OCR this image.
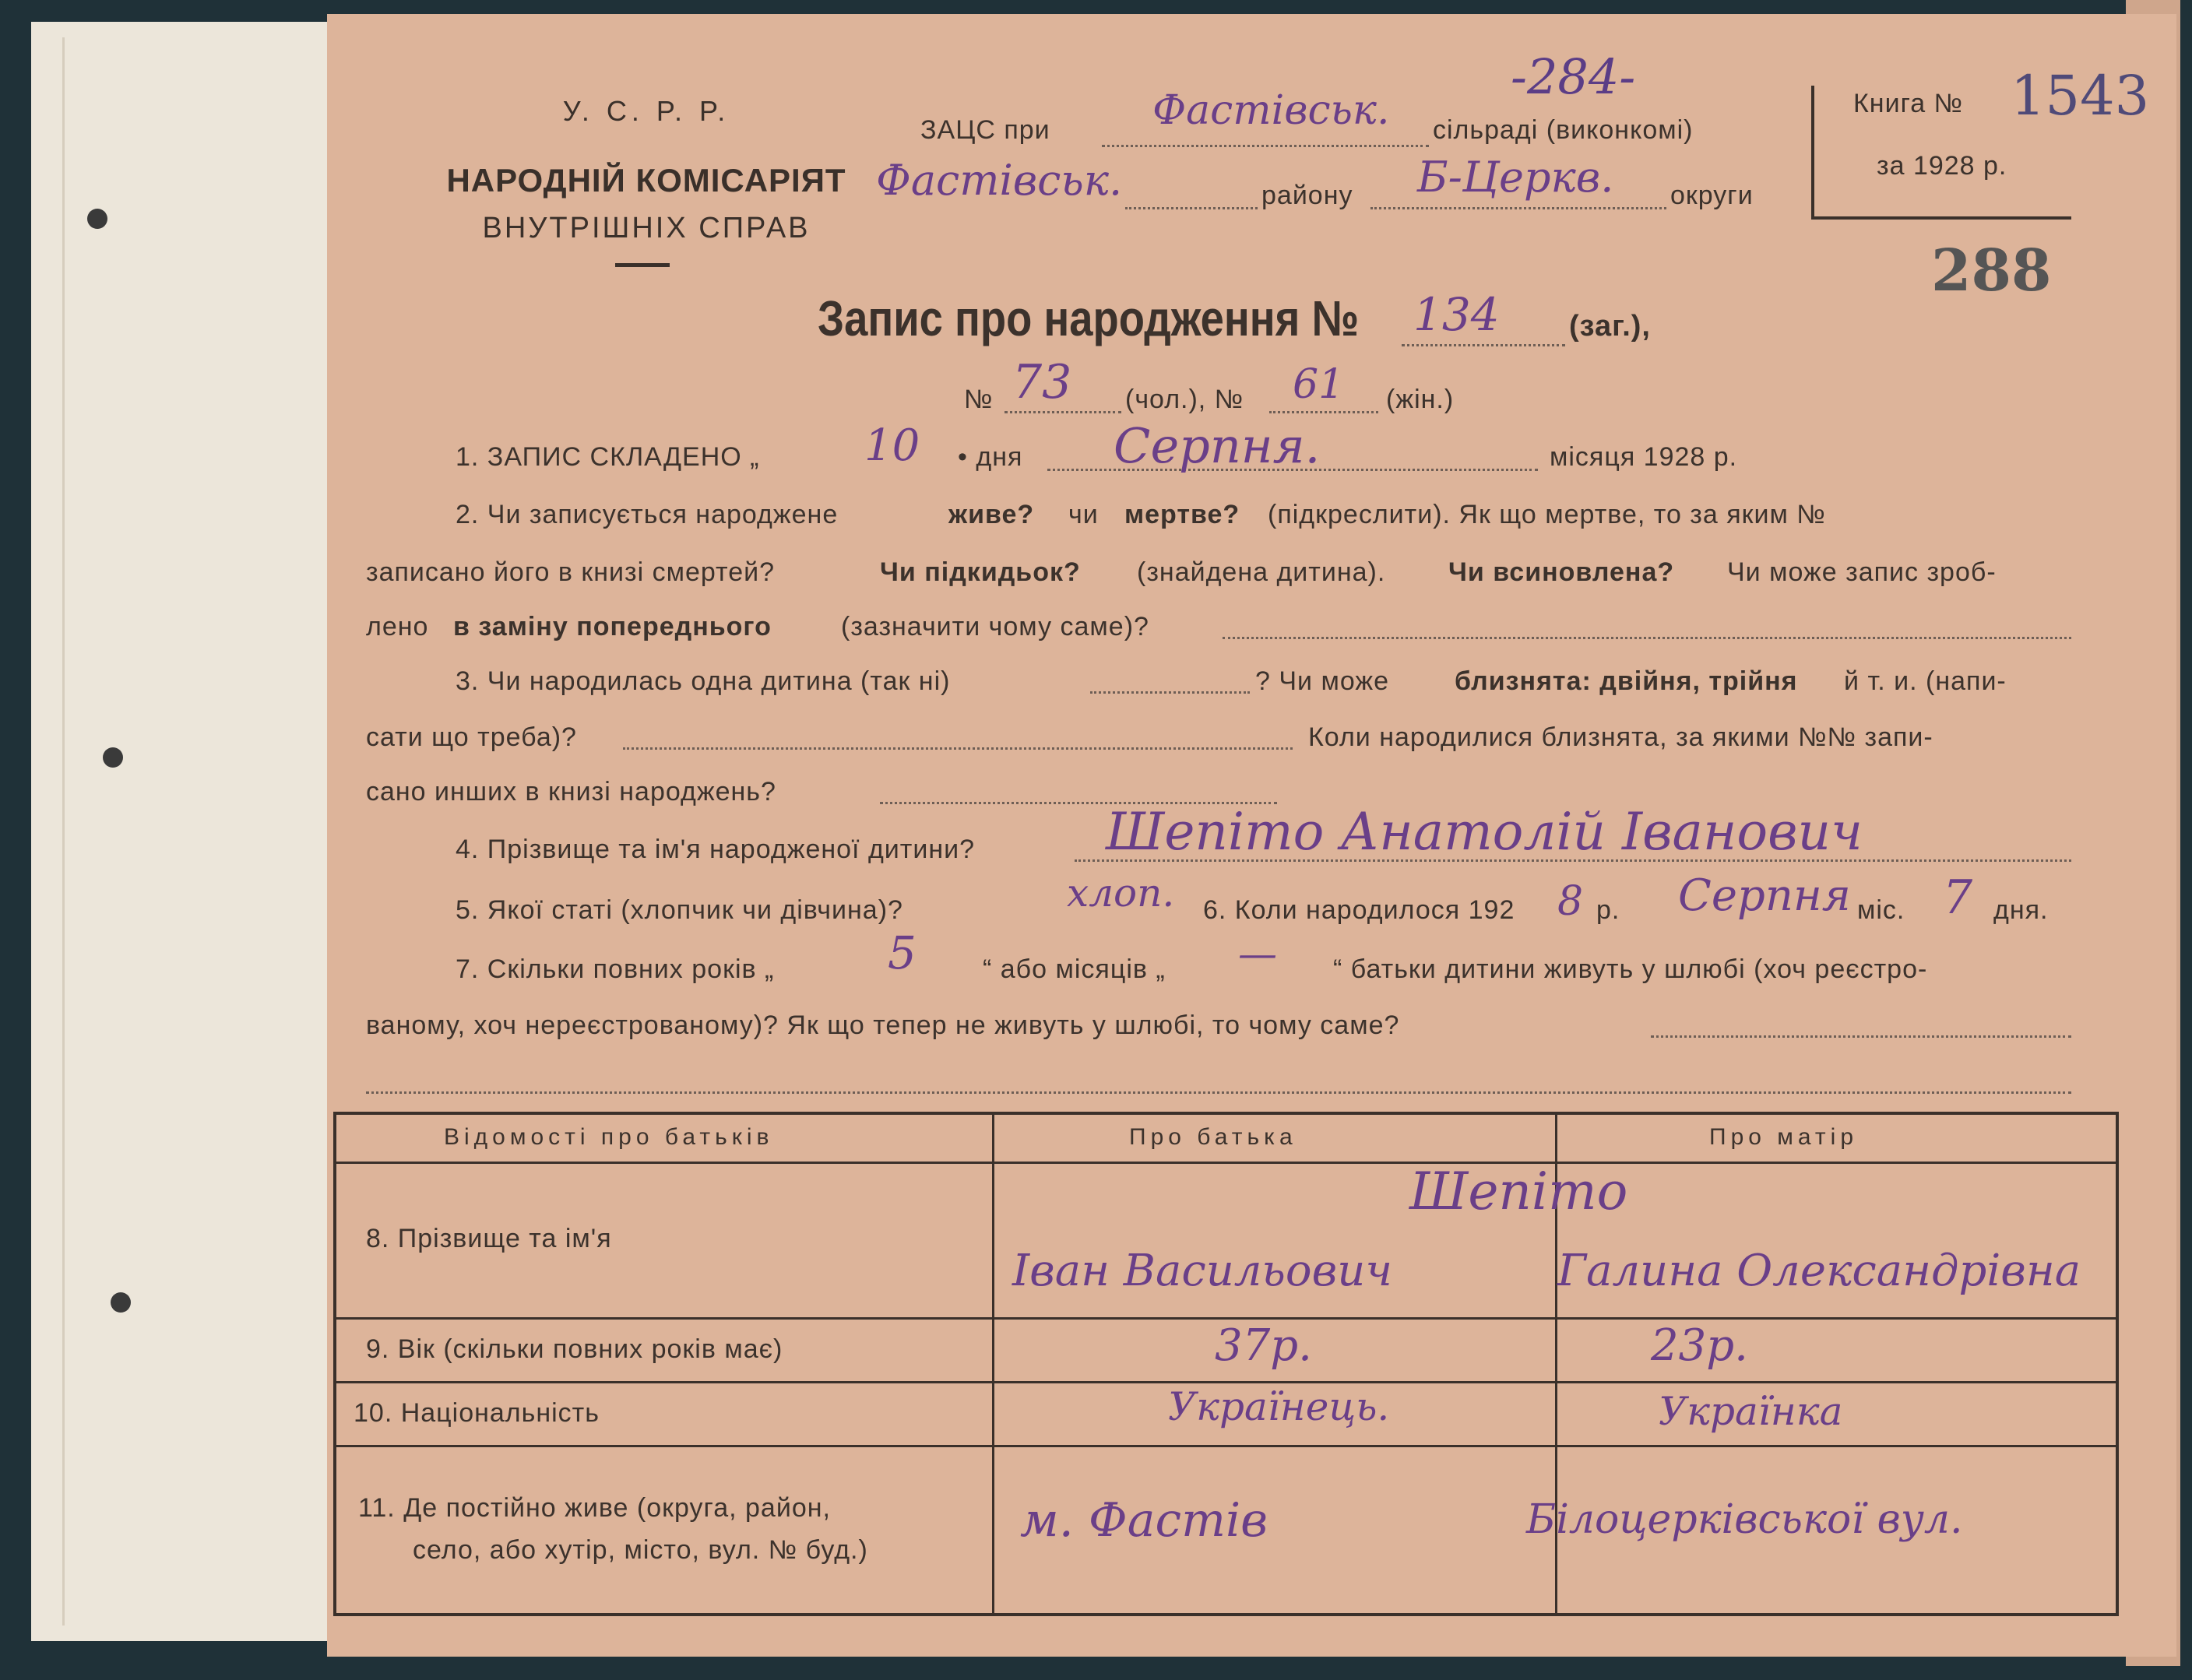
У. С. Р. Р.
НАРОДНІЙ КОМІСАРІЯТ
ВНУТРІШНІХ СПРАВ
ЗАЦС при	Фастівськ. сільраді (виконкомі)
-284-
Фастівськ.	району Б-Церкв. округи
Книга № 1543
за 1928 р.
288
Запис про народження № 134 (заг.),
№ 73 (чол.), № 61 (жін.)
1. ЗАПИС СКЛАДЕНО „ 10 • дня Серпня.	місяця 1928 р.
2. Чи записується народжене	живе? чи мертве? (підкреслити). Як що мертве, то за яким №
записано його в книзі смертей?	Чи підкидьок? (знайдена дитина). Чи всиновлена? Чи може запис зроб-
лено в заміну попереднього	(зазначити чому саме)?
3. Чи народилась одна дитина (так ні)	? Чи може близнята: двійня, трійня й т. и. (напи-
сати що треба)?	Коли народилися близнята, за якими №№ запи-
сано инших в книзі народжень?
4. Прізвище та ім'я народженої дитини?	Шепіто Анатолій Іванович
5. Якої статі (хлопчик чи дівчина)?	хлоп. 6. Коли народилося 192 8 р. Серпня міс. 7 дня.
7. Скільки повних років „	5	“ або місяців „ — “ батьки дитини живуть у шлюбі (хоч реєстро-
ваному, хоч нереєстрованому)? Як що тепер не живуть у шлюбі, то чому саме?
Відомості про батьків	Про батька	Про матір
8. Прізвище та ім'я
Шепіто
Іван Васильович	Галина Олександрівна
9. Вік (скільки повних років має)	37р.	23р.
10. Національність	Українець.	Українка
11. Де постійно живе (округа, район,
село, або хутір, місто, вул. № буд.)
м. Фастів	Білоцерківської вул.
